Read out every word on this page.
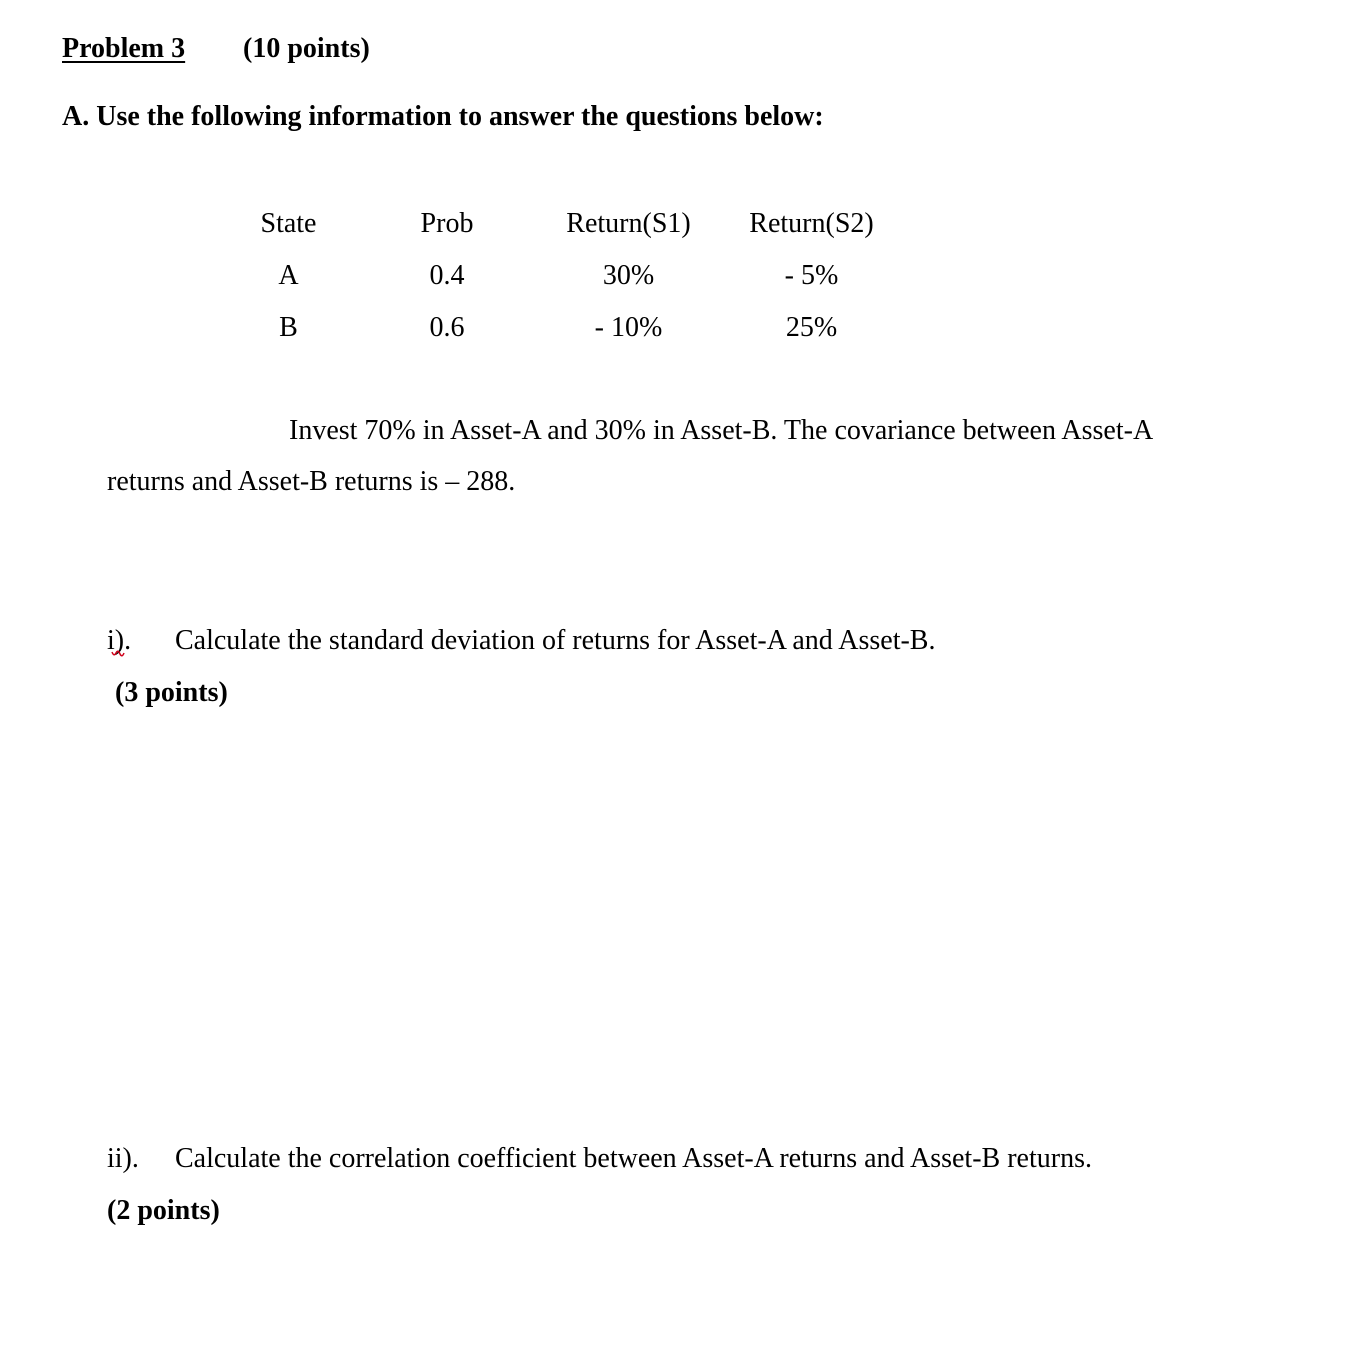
Problem 3 (10 points)
A. Use the following information to answer the questions below:
State	Prob	Return(S1)	Return(S2)
A	0.4	30%	- 5%
B	0.6	- 10%	25%
Invest 70% in Asset-A and 30% in Asset-B. The covariance between Asset-A
returns and Asset-B returns is – 288.
i). Calculate the standard deviation of returns for Asset-A and Asset-B.
(3 points)
ii). Calculate the correlation coefficient between Asset-A returns and Asset-B returns.
(2 points)
